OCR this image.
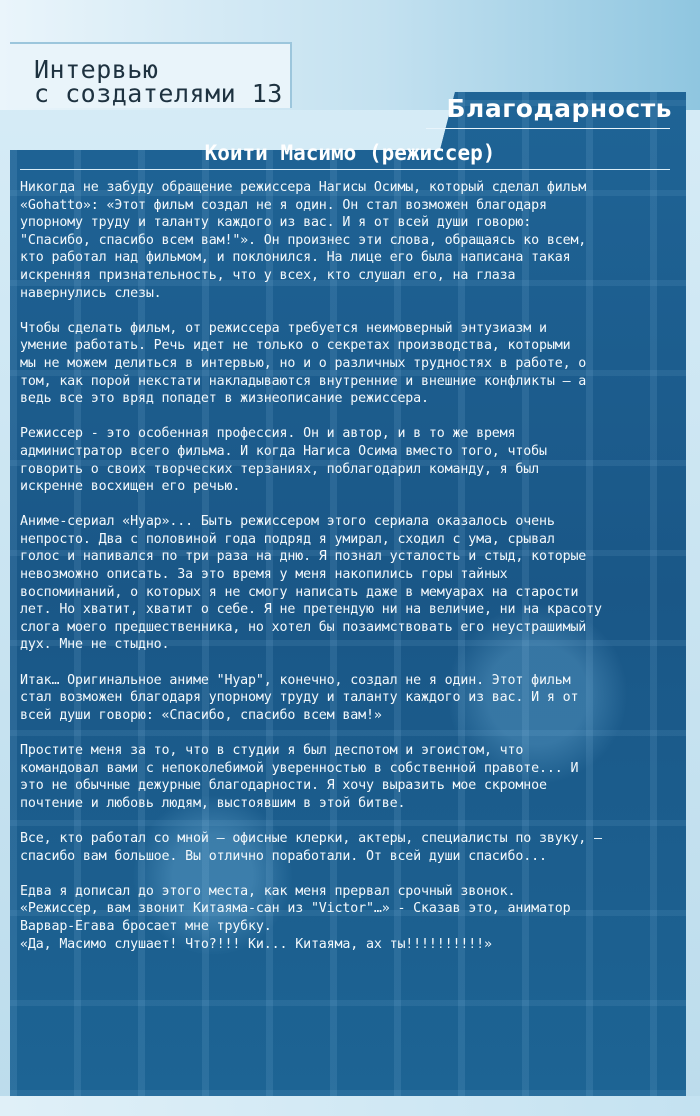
Интервью
с создателями 13
Благодарность
Коити Масимо (режиссер)
Никогда не забуду обращение режиссера Нагисы Осимы, который сделал фильм
«Gohatto»: «Этот фильм создал не я один. Он стал возможен благодаря
упорному труду и таланту каждого из вас. И я от всей души говорю:
"Спасибо, спасибо всем вам!"». Он произнес эти слова, обращаясь ко всем,
кто работал над фильмом, и поклонился. На лице его была написана такая
искренняя признательность, что у всех, кто слушал его, на глаза
навернулись слезы.
Чтобы сделать фильм, от режиссера требуется неимоверный энтузиазм и
умение работать. Речь идет не только о секретах производства, которыми
мы не можем делиться в интервью, но и о различных трудностях в работе, о
том, как порой некстати накладываются внутренние и внешние конфликты — а
ведь все это вряд попадет в жизнеописание режиссера.
Режиссер - это особенная профессия. Он и автор, и в то же время
администратор всего фильма. И когда Нагиса Осима вместо того, чтобы
говорить о своих творческих терзаниях, поблагодарил команду, я был
искренне восхищен его речью.
Аниме-сериал «Нуар»... Быть режиссером этого сериала оказалось очень
непросто. Два с половиной года подряд я умирал, сходил с ума, срывал
голос и напивался по три раза на дню. Я познал усталость и стыд, которые
невозможно описать. За это время у меня накопились горы тайных
воспоминаний, о которых я не смогу написать даже в мемуарах на старости
лет. Но хватит, хватит о себе. Я не претендую ни на величие, ни на красоту
слога моего предшественника, но хотел бы позаимствовать его неустрашимый
дух. Мне не стыдно.
Итак… Оригинальное аниме "Нуар", конечно, создал не я один. Этот фильм
стал возможен благодаря упорному труду и таланту каждого из вас. И я от
всей души говорю: «Спасибо, спасибо всем вам!»
Простите меня за то, что в студии я был деспотом и эгоистом, что
командовал вами с непоколебимой уверенностью в собственной правоте... И
это не обычные дежурные благодарности. Я хочу выразить мое скромное
почтение и любовь людям, выстоявшим в этой битве.
Все, кто работал со мной — офисные клерки, актеры, специалисты по звуку, —
спасибо вам большое. Вы отлично поработали. От всей души спасибо...
Едва я дописал до этого места, как меня прервал срочный звонок.
«Режиссер, вам звонит Китаяма-сан из "Victor"…» - Сказав это, аниматор
Варвар-Егава бросает мне трубку.
«Да, Масимо слушает! Что?!!! Ки... Китаяма, ах ты!!!!!!!!!!»
